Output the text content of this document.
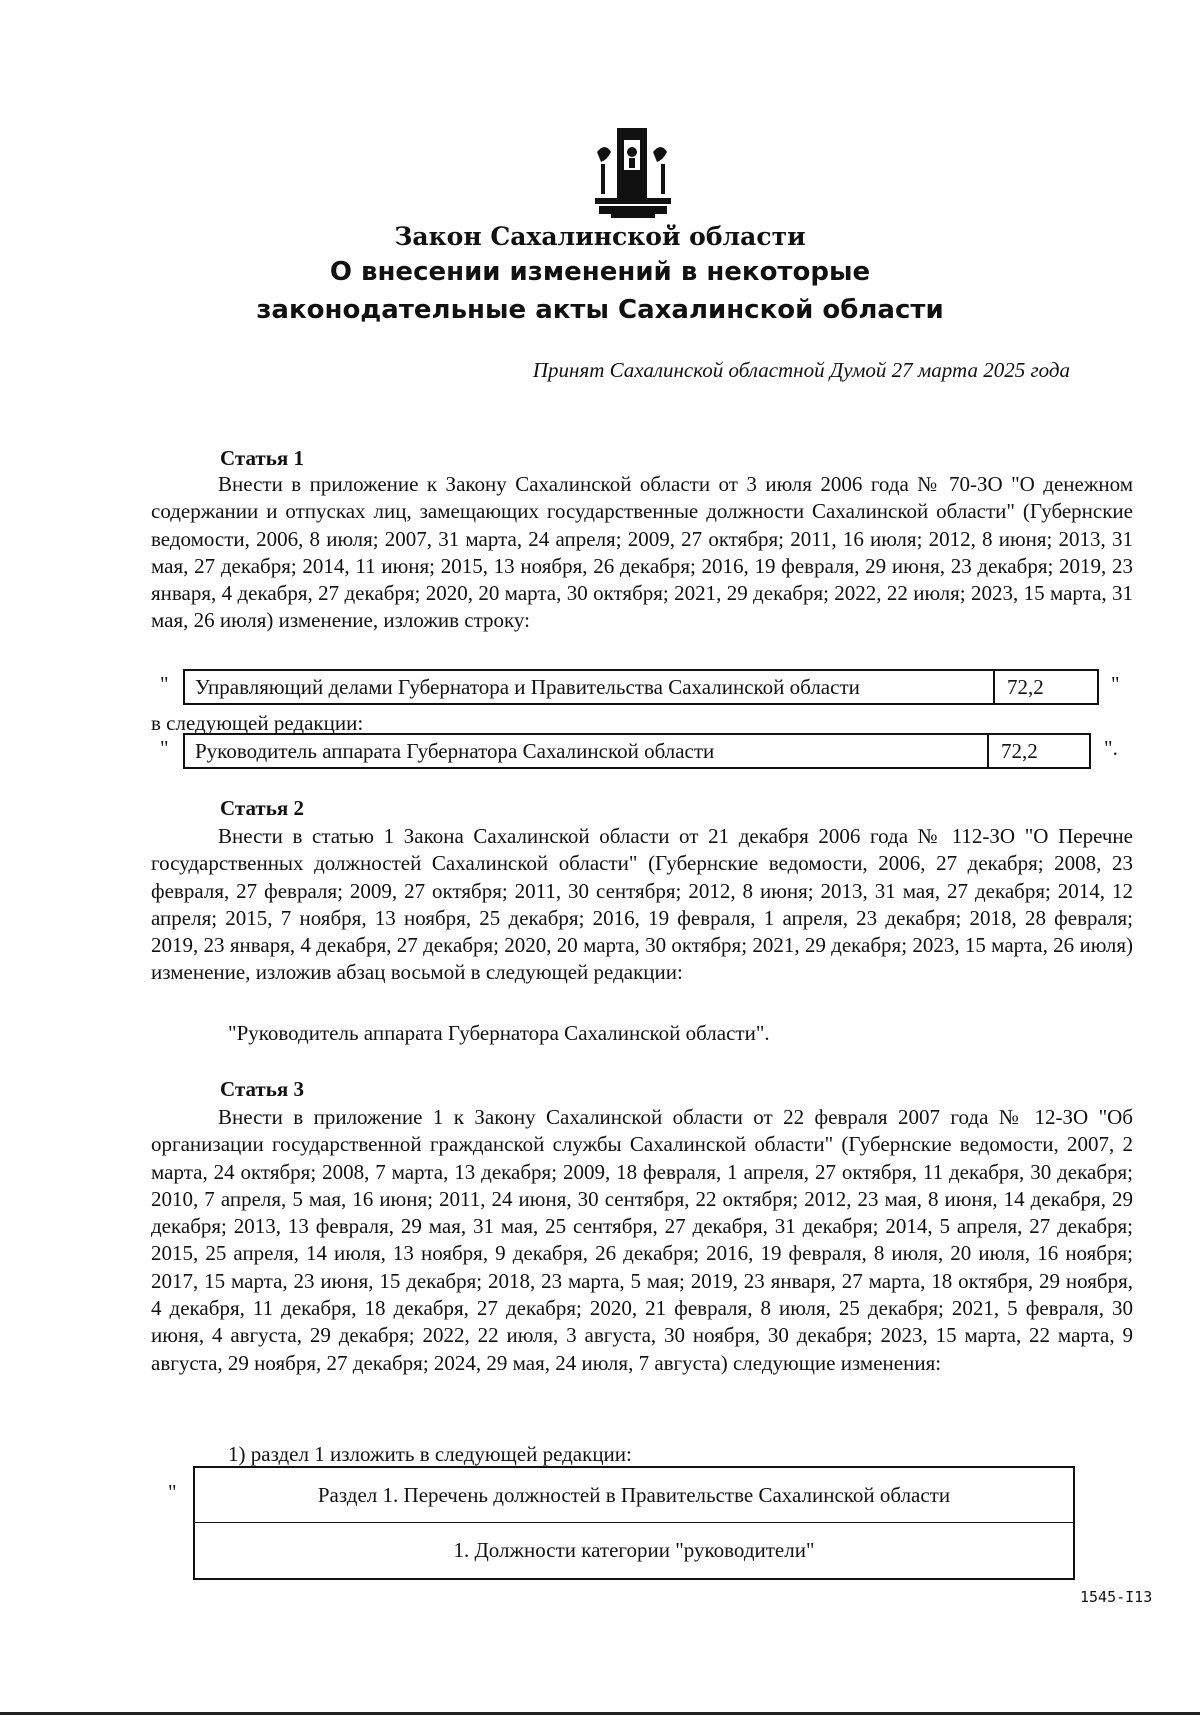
Закон Сахалинской области
О внесении изменений в некоторые
законодательные акты Сахалинской области
Принят Сахалинской областной Думой 27 марта 2025 года
Статья 1

Внести в приложение к Закону Сахалинской области от 3 июля 2006 года № 70-ЗО "О денежном содержании и отпусках лиц, замещающих государственные должности Сахалинской области" (Губернские ведомости, 2006, 8 июля; 2007, 31 марта, 24 апреля; 2009, 27 октября; 2011, 16 июля; 2012, 8 июня; 2013, 31 мая, 27 декабря; 2014, 11 июня; 2015, 13 ноября, 26 декабря; 2016, 19 февраля, 29 июня, 23 декабря; 2019, 23 января, 4 декабря, 27 декабря; 2020, 20 марта, 30 октября; 2021, 29 декабря; 2022, 22 июля; 2023, 15 марта, 31 мая, 26 июля) изменение, изложив строку:

"	Управляющий делами Губернатора и Правительства Сахалинской области	72,2	"
в следующей редакции:
"	Руководитель аппарата Губернатора Сахалинской области	72,2	".
Статья 2

Внести в статью 1 Закона Сахалинской области от 21 декабря 2006 года № 112-ЗО "О Перечне государственных должностей Сахалинской области" (Губернские ведомости, 2006, 27 декабря; 2008, 23 февраля, 27 февраля; 2009, 27 октября; 2011, 30 сентября; 2012, 8 июня; 2013, 31 мая, 27 декабря; 2014, 12 апреля; 2015, 7 ноября, 13 ноября, 25 декабря; 2016, 19 февраля, 1 апреля, 23 декабря; 2018, 28 февраля; 2019, 23 января, 4 декабря, 27 декабря; 2020, 20 марта, 30 октября; 2021, 29 декабря; 2023, 15 марта, 26 июля) изменение, изложив абзац восьмой в следующей редакции:

"Руководитель аппарата Губернатора Сахалинской области".
Статья 3

Внести в приложение 1 к Закону Сахалинской области от 22 февраля 2007 года № 12-ЗО "Об организации государственной гражданской службы Сахалинской области" (Губернские ведомости, 2007, 2 марта, 24 октября; 2008, 7 марта, 13 декабря; 2009, 18 февраля, 1 апреля, 27 октября, 11 декабря, 30 декабря; 2010, 7 апреля, 5 мая, 16 июня; 2011, 24 июня, 30 сентября, 22 октября; 2012, 23 мая, 8 июня, 14 декабря, 29 декабря; 2013, 13 февраля, 29 мая, 31 мая, 25 сентября, 27 декабря, 31 декабря; 2014, 5 апреля, 27 декабря; 2015, 25 апреля, 14 июля, 13 ноября, 9 декабря, 26 декабря; 2016, 19 февраля, 8 июля, 20 июля, 16 ноября; 2017, 15 марта, 23 июня, 15 декабря; 2018, 23 марта, 5 мая; 2019, 23 января, 27 марта, 18 октября, 29 ноября, 4 декабря, 11 декабря, 18 декабря, 27 декабря; 2020, 21 февраля, 8 июля, 25 декабря; 2021, 5 февраля, 30 июня, 4 августа, 29 декабря; 2022, 22 июля, 3 августа, 30 ноября, 30 декабря; 2023, 15 марта, 22 марта, 9 августа, 29 ноября, 27 декабря; 2024, 29 мая, 24 июля, 7 августа) следующие изменения:

1) раздел 1 изложить в следующей редакции:
"	Раздел 1. Перечень должностей в Правительстве Сахалинской области
1. Должности категории "руководители"
1545-I13
